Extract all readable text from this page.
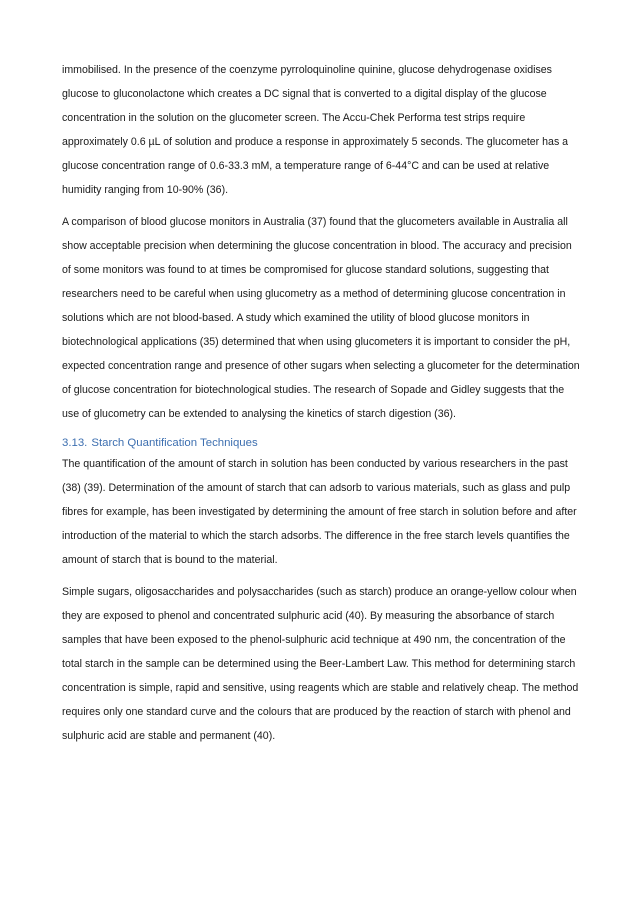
immobilised. In the presence of the coenzyme pyrroloquinoline quinine, glucose dehydrogenase oxidises glucose to gluconolactone which creates a DC signal that is converted to a digital display of the glucose concentration in the solution on the glucometer screen. The Accu-Chek Performa test strips require approximately 0.6 µL of solution and produce a response in approximately 5 seconds. The glucometer has a glucose concentration range of 0.6-33.3 mM, a temperature range of 6-44°C and can be used at relative humidity ranging from 10-90% (36).

A comparison of blood glucose monitors in Australia (37) found that the glucometers available in Australia all show acceptable precision when determining the glucose concentration in blood. The accuracy and precision of some monitors was found to at times be compromised for glucose standard solutions, suggesting that researchers need to be careful when using glucometry as a method of determining glucose concentration in solutions which are not blood-based. A study which examined the utility of blood glucose monitors in biotechnological applications (35) determined that when using glucometers it is important to consider the pH, expected concentration range and presence of other sugars when selecting a glucometer for the determination of glucose concentration for biotechnological studies. The research of Sopade and Gidley suggests that the use of glucometry can be extended to analysing the kinetics of starch digestion (36).

3.13. Starch Quantification Techniques

The quantification of the amount of starch in solution has been conducted by various researchers in the past (38) (39). Determination of the amount of starch that can adsorb to various materials, such as glass and pulp fibres for example, has been investigated by determining the amount of free starch in solution before and after introduction of the material to which the starch adsorbs. The difference in the free starch levels quantifies the amount of starch that is bound to the material.

Simple sugars, oligosaccharides and polysaccharides (such as starch) produce an orange-yellow colour when they are exposed to phenol and concentrated sulphuric acid (40). By measuring the absorbance of starch samples that have been exposed to the phenol-sulphuric acid technique at 490 nm, the concentration of the total starch in the sample can be determined using the Beer-Lambert Law. This method for determining starch concentration is simple, rapid and sensitive, using reagents which are stable and relatively cheap. The method requires only one standard curve and the colours that are produced by the reaction of starch with phenol and sulphuric acid are stable and permanent (40).
